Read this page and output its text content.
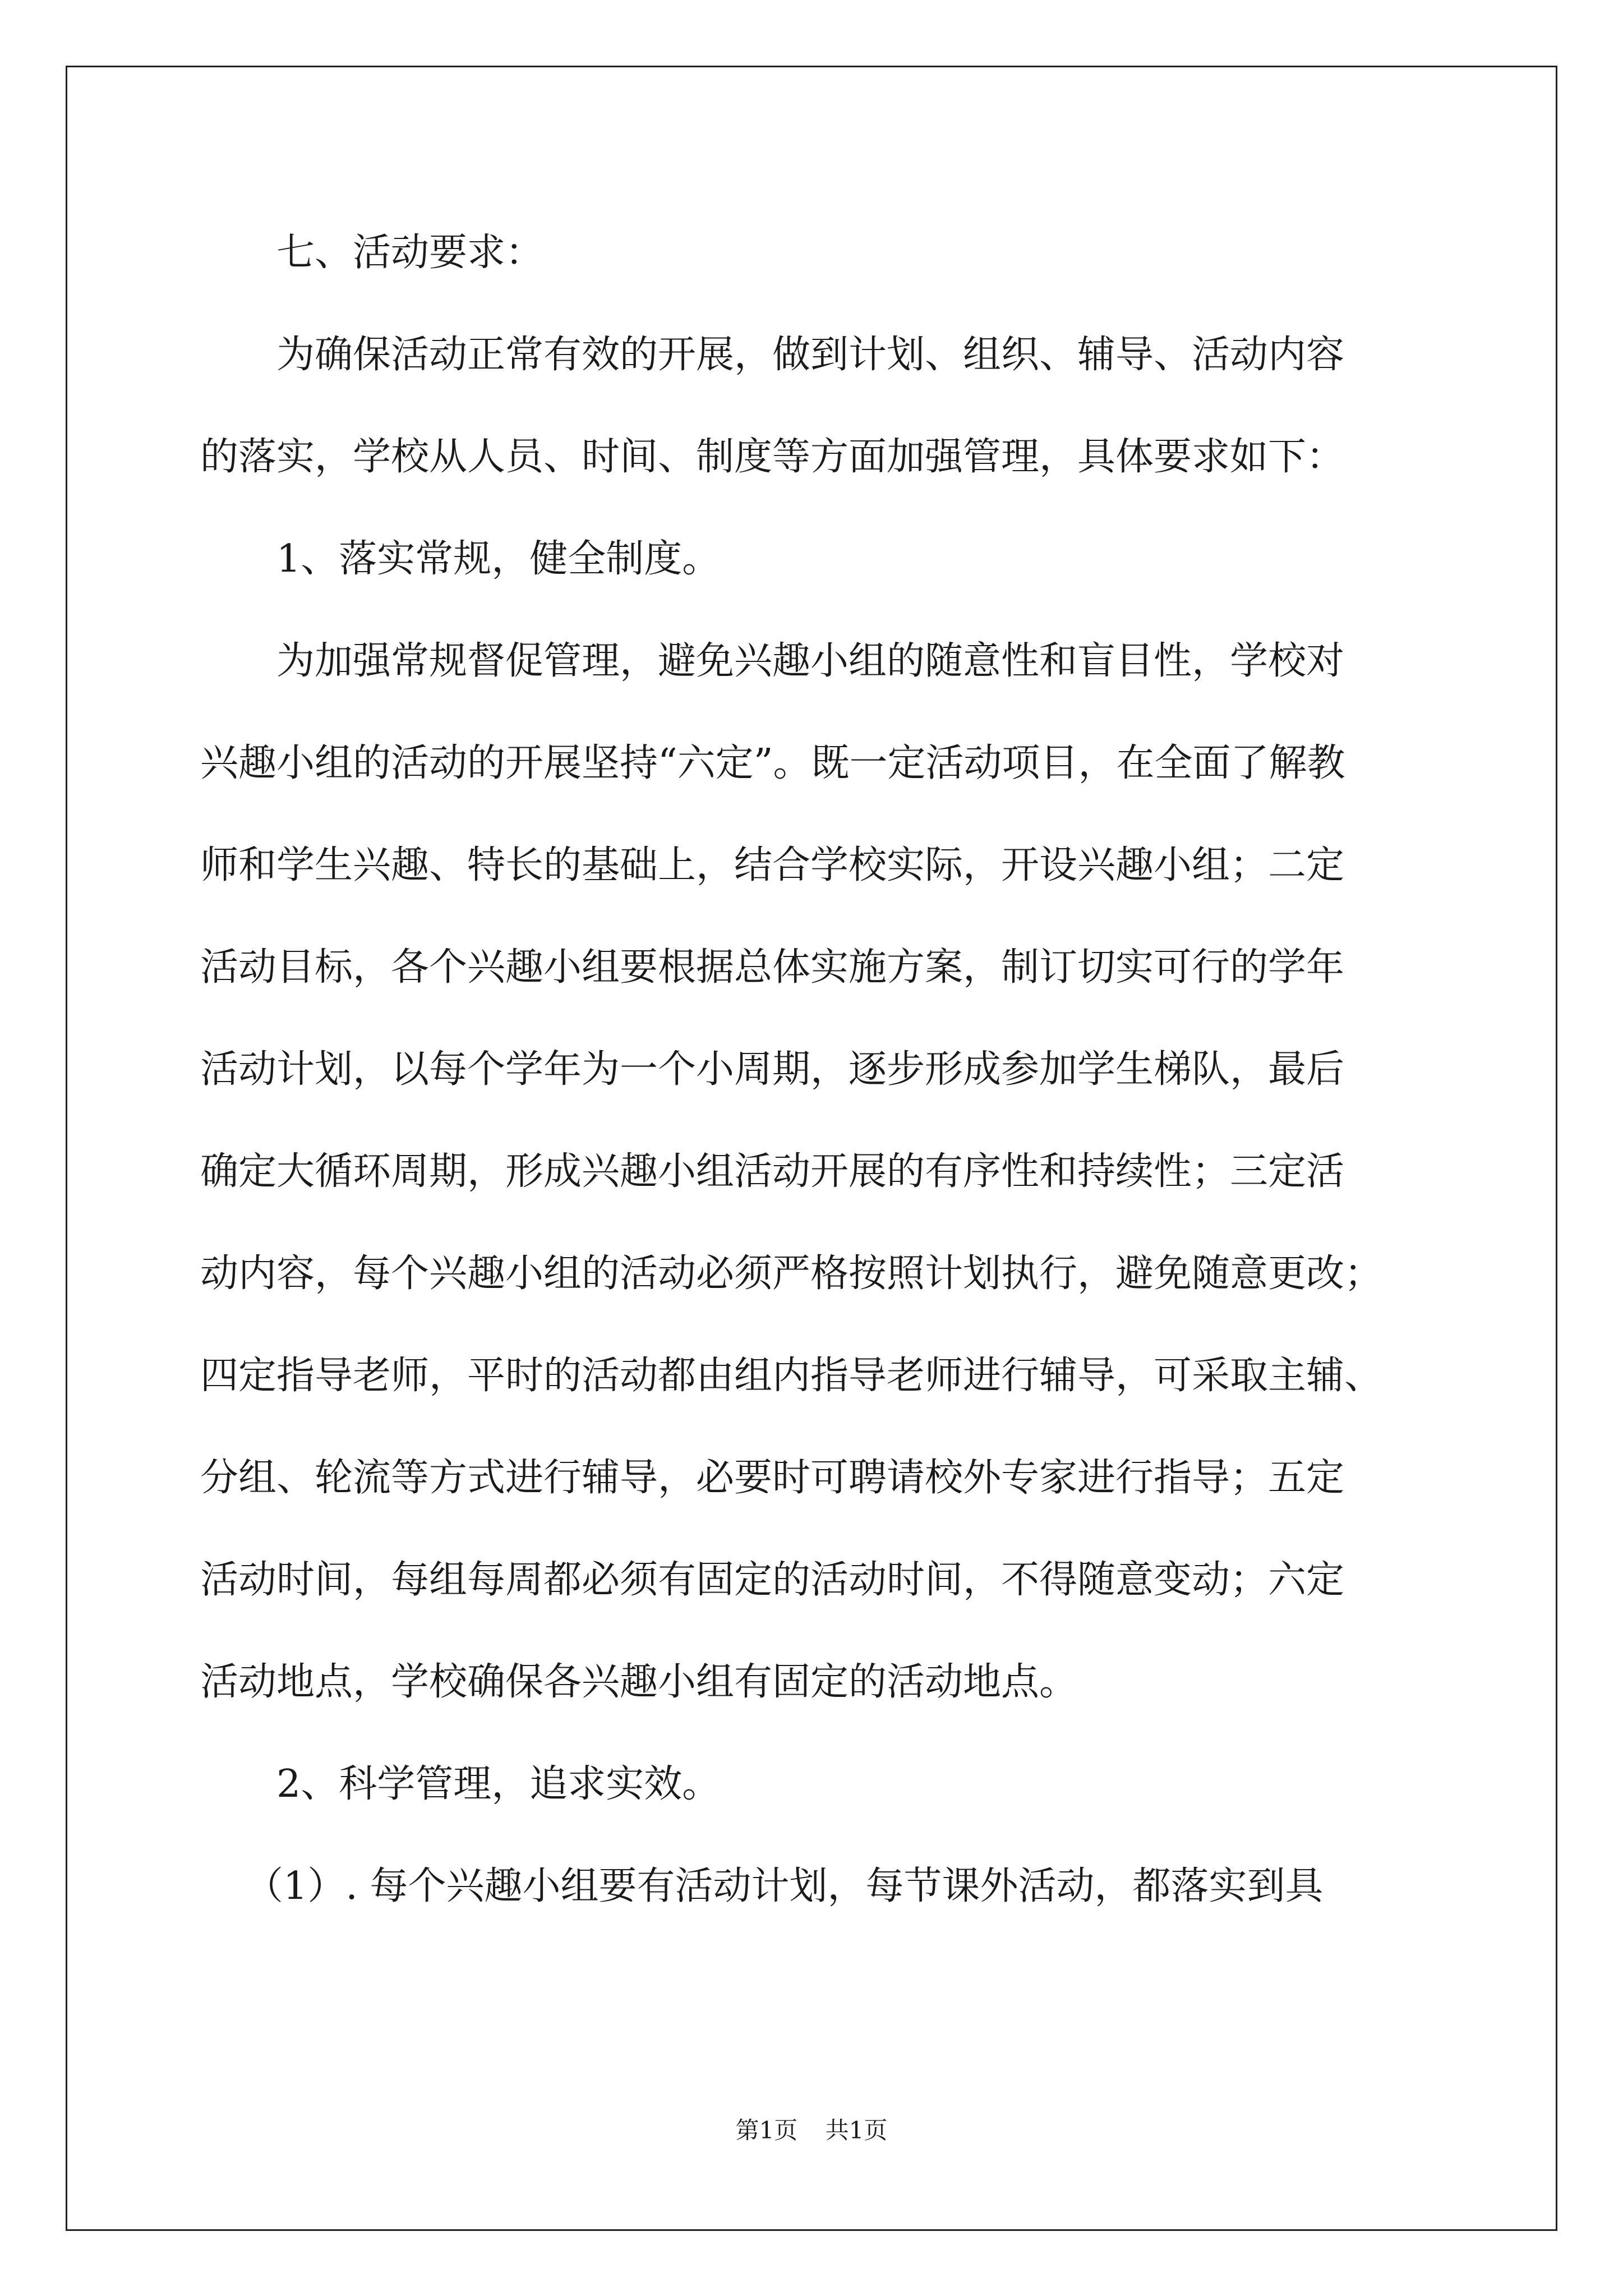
七、活动要求：

为确保活动正常有效的开展，做到计划、组织、辅导、活动内容

的落实，学校从人员、时间、制度等方面加强管理，具体要求如下：

1、落实常规，健全制度。

为加强常规督促管理，避免兴趣小组的随意性和盲目性，学校对

兴趣小组的活动的开展坚持“六定”。既一定活动项目，在全面了解教

师和学生兴趣、特长的基础上，结合学校实际，开设兴趣小组；二定

活动目标，各个兴趣小组要根据总体实施方案，制订切实可行的学年

活动计划，以每个学年为一个小周期，逐步形成参加学生梯队，最后

确定大循环周期，形成兴趣小组活动开展的有序性和持续性；三定活

动内容，每个兴趣小组的活动必须严格按照计划执行，避免随意更改；

四定指导老师，平时的活动都由组内指导老师进行辅导，可采取主辅、

分组、轮流等方式进行辅导，必要时可聘请校外专家进行指导；五定

活动时间，每组每周都必须有固定的活动时间，不得随意变动；六定

活动地点，学校确保各兴趣小组有固定的活动地点。

2、科学管理，追求实效。

（1）. 每个兴趣小组要有活动计划，每节课外活动，都落实到具

第1页 共1页
